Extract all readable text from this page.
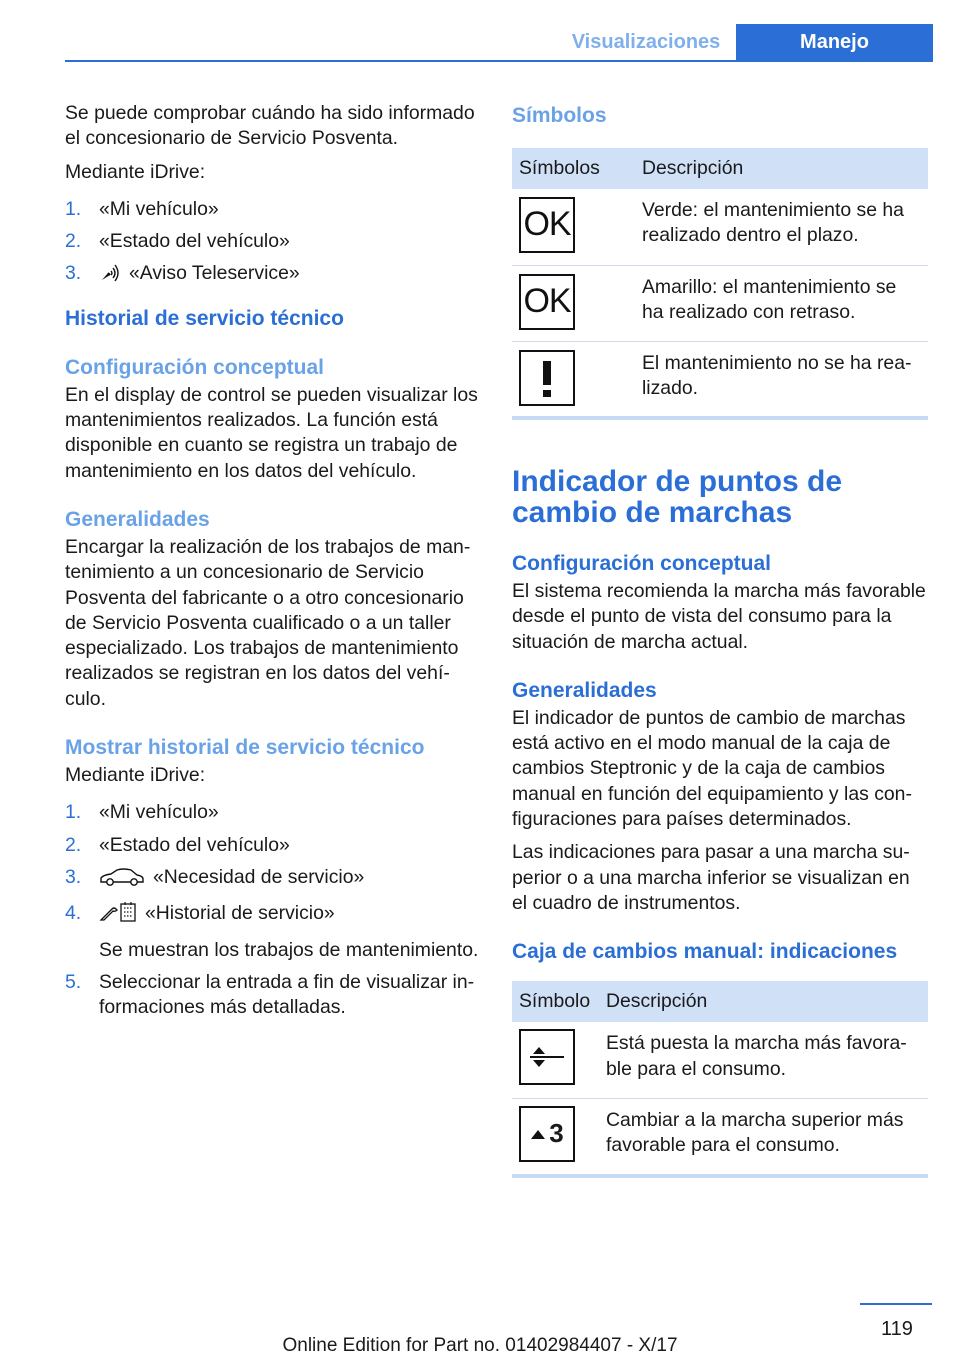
Visualizaciones	Manejo

Se puede comprobar cuándo ha sido informado el concesionario de Servicio Posventa.

Mediante iDrive:

1. «Mi vehículo»
2. «Estado del vehículo»
3.	«Aviso Teleservice»
Historial de servicio técnico
Configuración conceptual

En el display de control se pueden visualizar los mantenimientos realizados. La función está disponible en cuanto se registra un trabajo de mantenimiento en los datos del vehículo.

Generalidades

Encargar la realización de los trabajos de mantenimiento a un concesionario de Servicio Posventa del fabricante o a otro concesionario de Servicio Posventa cualificado o a un taller especializado. Los trabajos de mantenimiento realizados se registran en los datos del vehículo.

Mostrar historial de servicio técnico

Mediante iDrive:

1. «Mi vehículo»
2. «Estado del vehículo»
3.	«Necesidad de servicio»
4.	«Historial de servicio»
Se muestran los trabajos de mantenimiento.
5. Seleccionar la entrada a fin de visualizar informaciones más detalladas.
Símbolos
Símbolos	Descripción

OK	Verde: el mantenimiento se ha realizado dentro el plazo.

OK	Amarillo: el mantenimiento se ha realizado con retraso.

	El mantenimiento no se ha realizado.
Indicador de puntos de cambio de marchas
Configuración conceptual

El sistema recomienda la marcha más favorable desde el punto de vista del consumo para la situación de marcha actual.

Generalidades

El indicador de puntos de cambio de marchas está activo en el modo manual de la caja de cambios Steptronic y de la caja de cambios manual en función del equipamiento y las configuraciones para países determinados.

Las indicaciones para pasar a una marcha superior o a una marcha inferior se visualizan en el cuadro de instrumentos.

Caja de cambios manual: indicaciones
Símbolo	Descripción

	Está puesta la marcha más favorable para el consumo.

3	Cambiar a la marcha superior más favorable para el consumo.
119
Online Edition for Part no. 01402984407 - X/17
